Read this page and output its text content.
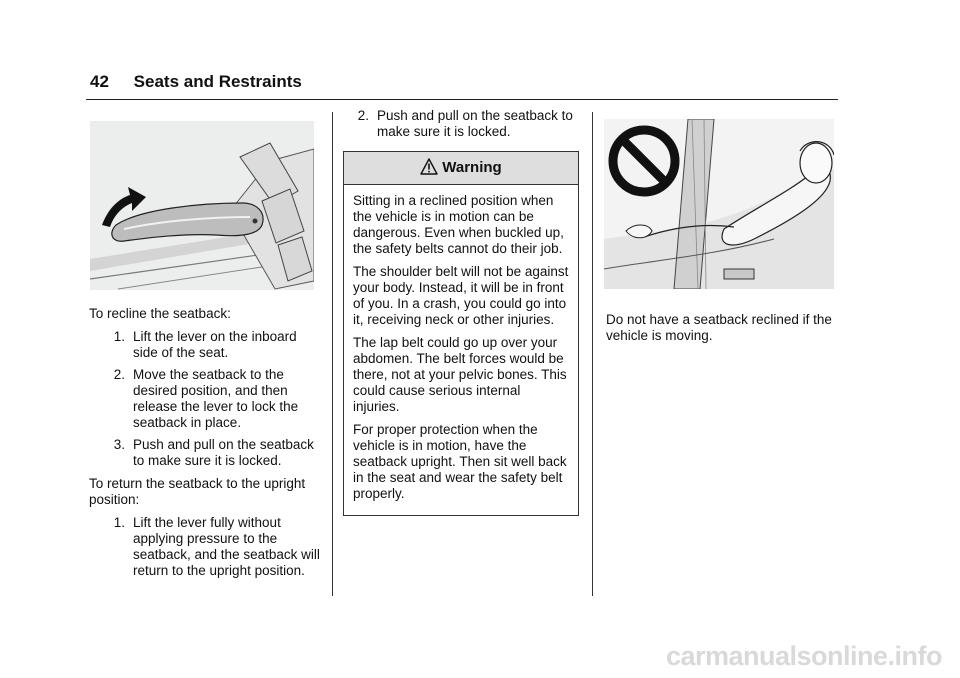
42 Seats and Restraints

To recline the seatback:

1. Lift the lever on the inboard side of the seat.
2. Move the seatback to the desired position, and then release the lever to lock the seatback in place.
3. Push and pull on the seatback to make sure it is locked.

To return the seatback to the upright position:

1. Lift the lever fully without applying pressure to the seatback, and the seatback will return to the upright position.
2. Push and pull on the seatback to make sure it is locked.
Warning

Sitting in a reclined position when the vehicle is in motion can be dangerous. Even when buckled up, the safety belts cannot do their job.

The shoulder belt will not be against your body. Instead, it will be in front of you. In a crash, you could go into it, receiving neck or other injuries.

The lap belt could go up over your abdomen. The belt forces would be there, not at your pelvic bones. This could cause serious internal injuries.

For proper protection when the vehicle is in motion, have the seatback upright. Then sit well back in the seat and wear the safety belt properly.

Do not have a seatback reclined if the vehicle is moving.

carmanualsonline.info
